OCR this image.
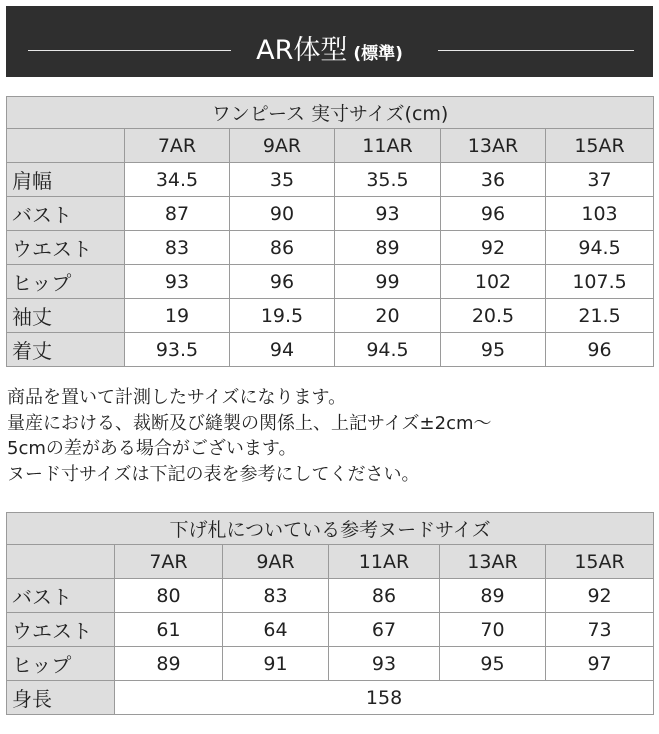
AR体型 (標準)
ワンピース 実寸サイズ(cm)					
	7AR	9AR	11AR	13AR	15AR
肩幅	34.5	35	35.5	36	37
バスト	87	90	93	96	103
ウエスト	83	86	89	92	94.5
ヒップ	93	96	99	102	107.5
袖丈	19	19.5	20	20.5	21.5
着丈	93.5	94	94.5	95	96
商品を置いて計測したサイズになります。
量産における、裁断及び縫製の関係上、上記サイズ±2cm～
5cmの差がある場合がございます。
ヌード寸サイズは下記の表を参考にしてください。
下げ札についている参考ヌードサイズ					
	7AR	9AR	11AR	13AR	15AR
バスト	80	83	86	89	92
ウエスト	61	64	67	70	73
ヒップ	89	91	93	95	97
身長	158				
